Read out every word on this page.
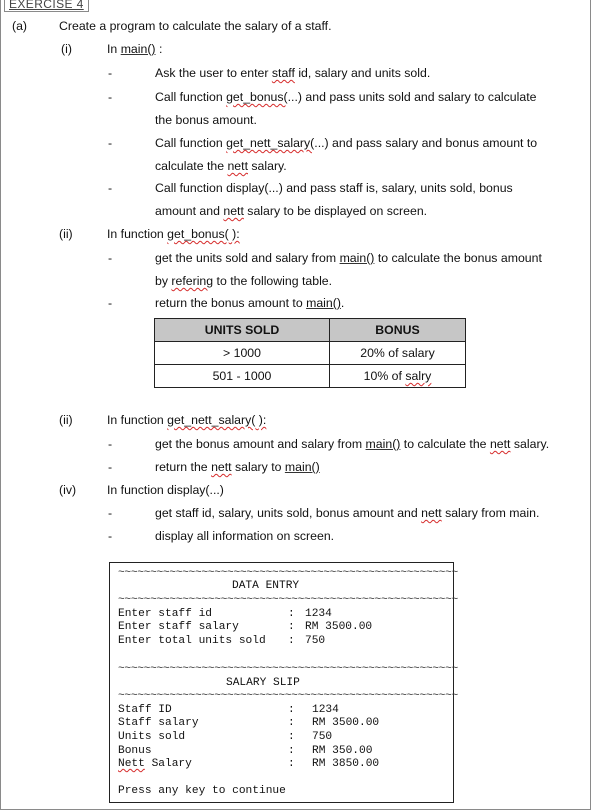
EXERCISE 4
(a)	Create a program to calculate the salary of a staff.
(i)	In main() :
-	Ask the user to enter staff id, salary and units sold.
-	Call function get_bonus(...) and pass units sold and salary to calculate
the bonus amount.
-	Call function get_nett_salary(...) and pass salary and bonus amount to
calculate the nett salary.
-	Call function display(...) and pass staff is, salary, units sold, bonus
amount and nett salary to be displayed on screen.
(ii)	In function get_bonus( ):
-	get the units sold and salary from main() to calculate the bonus amount
by refering to the following table.
-	return the bonus amount to main().
UNITS SOLD	BONUS
> 1000	20% of salary
501 - 1000	10% of salry
(ii)	In function get_nett_salary( ):
-	get the bonus amount and salary from main() to calculate the nett salary.
-	return the nett salary to main()
(iv)	In function display(...)
-	get staff id, salary, units sold, bonus amount and nett salary from main.
-	display all information on screen.
~~~~~~~~~~~~~~~~~~~~~~~~~~~~~~~~~~~~~~~~~~~~~~~~~~~~~
DATA ENTRY
~~~~~~~~~~~~~~~~~~~~~~~~~~~~~~~~~~~~~~~~~~~~~~~~~~~~~
Enter staff id	: 1234
Enter staff salary	: RM 3500.00
Enter total units sold : 750
~~~~~~~~~~~~~~~~~~~~~~~~~~~~~~~~~~~~~~~~~~~~~~~~~~~~~
SALARY SLIP
~~~~~~~~~~~~~~~~~~~~~~~~~~~~~~~~~~~~~~~~~~~~~~~~~~~~~
Staff ID	: 1234
Staff salary	: RM 3500.00
Units sold	: 750
Bonus	: RM 350.00
Nett Salary	: RM 3850.00
Press any key to continue
